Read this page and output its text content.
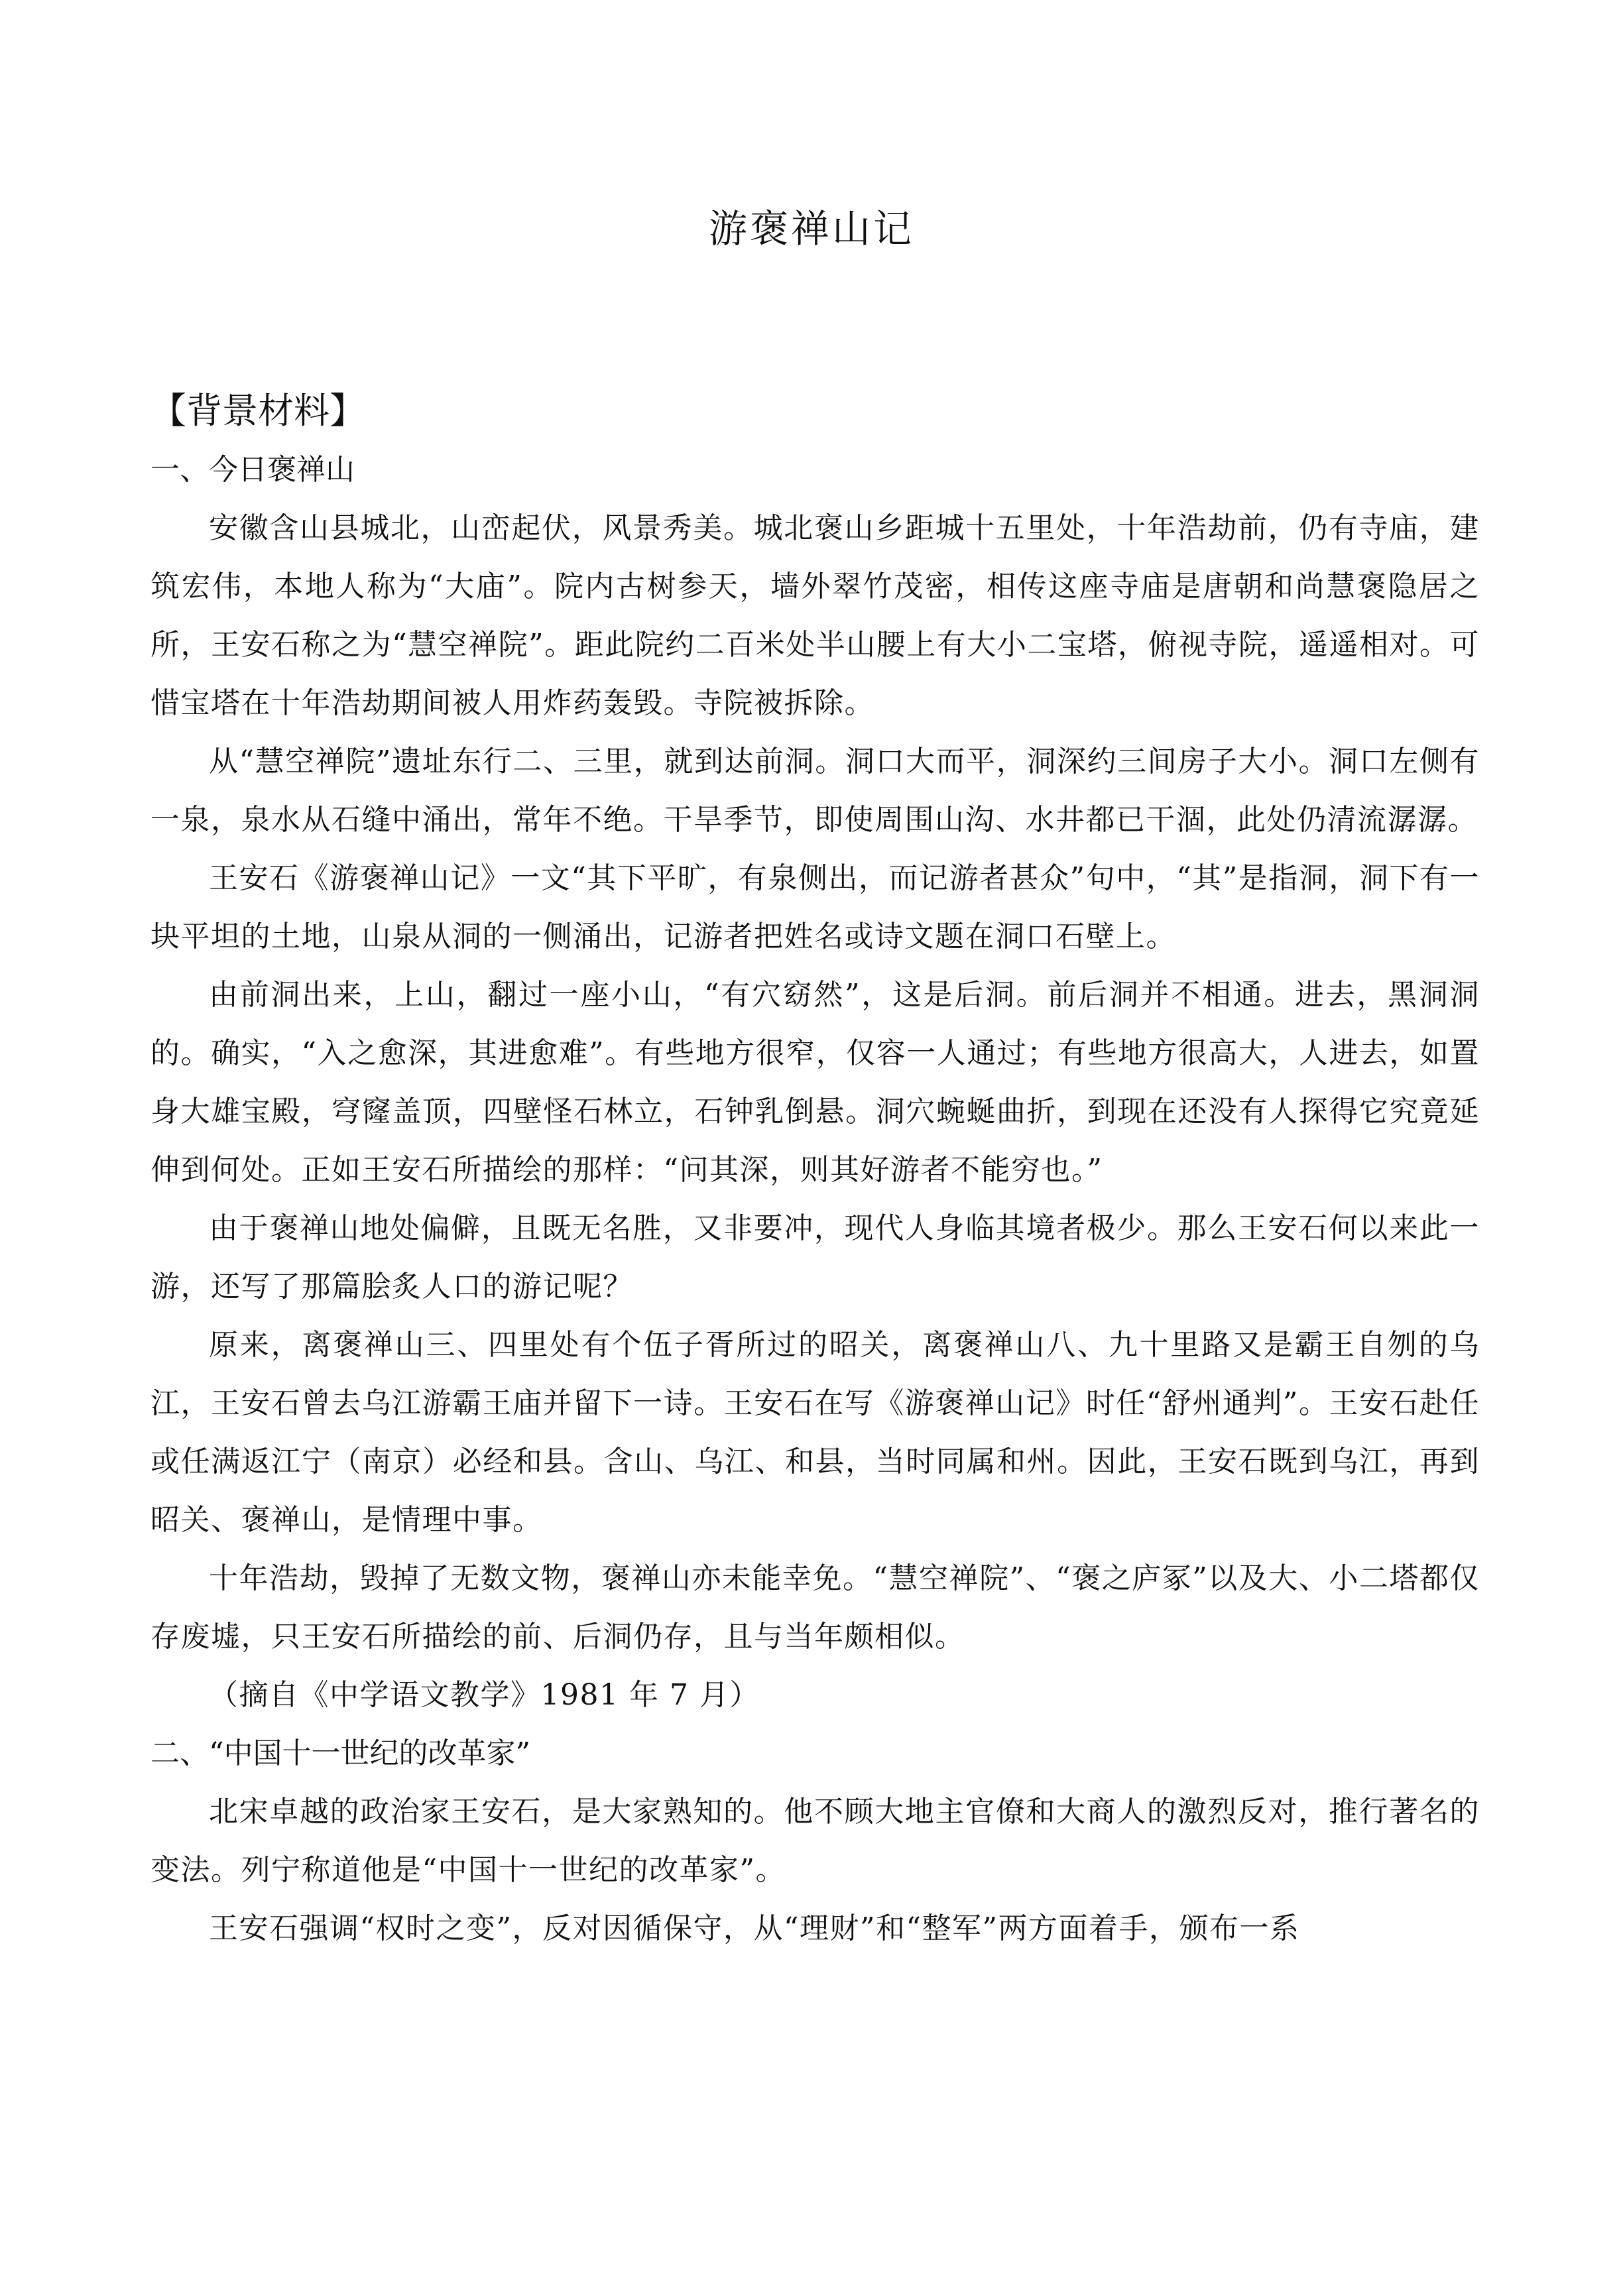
游褒禅山记

【背景材料】

一、今日褒禅山

安徽含山县城北，山峦起伏，风景秀美。城北褒山乡距城十五里处，十年浩劫前，仍有寺庙，建筑宏伟，本地人称为“大庙”。院内古树参天，墙外翠竹茂密，相传这座寺庙是唐朝和尚慧褒隐居之所，王安石称之为“慧空禅院”。距此院约二百米处半山腰上有大小二宝塔，俯视寺院，遥遥相对。可惜宝塔在十年浩劫期间被人用炸药轰毁。寺院被拆除。

从“慧空禅院”遗址东行二、三里，就到达前洞。洞口大而平，洞深约三间房子大小。洞口左侧有一泉，泉水从石缝中涌出，常年不绝。干旱季节，即使周围山沟、水井都已干涸，此处仍清流潺潺。

王安石《游褒禅山记》一文“其下平旷，有泉侧出，而记游者甚众”句中，“其”是指洞，洞下有一块平坦的土地，山泉从洞的一侧涌出，记游者把姓名或诗文题在洞口石壁上。

由前洞出来，上山，翻过一座小山，“有穴窈然”，这是后洞。前后洞并不相通。进去，黑洞洞的。确实，“入之愈深，其进愈难”。有些地方很窄，仅容一人通过；有些地方很高大，人进去，如置身大雄宝殿，穹窿盖顶，四壁怪石林立，石钟乳倒悬。洞穴蜿蜒曲折，到现在还没有人探得它究竟延伸到何处。正如王安石所描绘的那样：“问其深，则其好游者不能穷也。”

由于褒禅山地处偏僻，且既无名胜，又非要冲，现代人身临其境者极少。那么王安石何以来此一游，还写了那篇脍炙人口的游记呢？

原来，离褒禅山三、四里处有个伍子胥所过的昭关，离褒禅山八、九十里路又是霸王自刎的乌江，王安石曾去乌江游霸王庙并留下一诗。王安石在写《游褒禅山记》时任“舒州通判”。王安石赴任或任满返江宁（南京）必经和县。含山、乌江、和县，当时同属和州。因此，王安石既到乌江，再到昭关、褒禅山，是情理中事。

十年浩劫，毁掉了无数文物，褒禅山亦未能幸免。“慧空禅院”、“褒之庐冢”以及大、小二塔都仅存废墟，只王安石所描绘的前、后洞仍存，且与当年颇相似。

（摘自《中学语文教学》1981 年 7 月）

二、“中国十一世纪的改革家”

北宋卓越的政治家王安石，是大家熟知的。他不顾大地主官僚和大商人的激烈反对，推行著名的变法。列宁称道他是“中国十一世纪的改革家”。

王安石强调“权时之变”，反对因循保守，从“理财”和“整军”两方面着手，颁布一系
